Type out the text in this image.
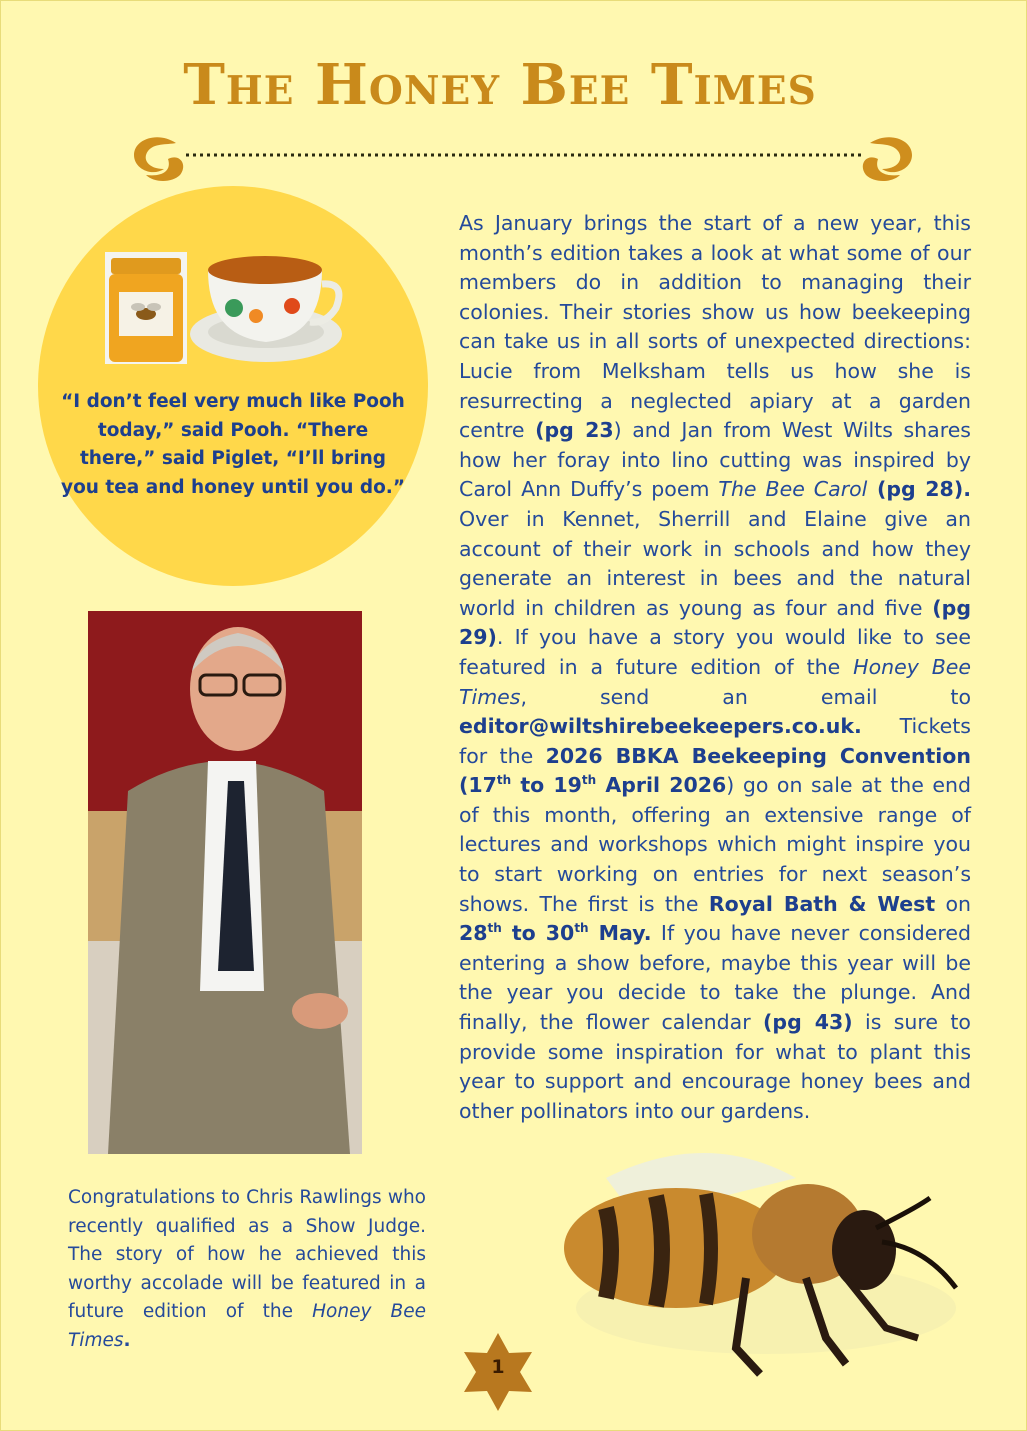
The Honey Bee Times
“I don’t feel very much like Pooh today,” said Pooh. “There there,” said Piglet, “I’ll bring you tea and honey until you do.”
Congratulations to Chris Rawlings who recently qualified as a Show Judge. The story of how he achieved this worthy accolade will be featured in a future edition of the Honey Bee Times.
As January brings the start of a new year, this month’s edition takes a look at what some of our members do in addition to managing their colonies. Their stories show us how beekeeping can take us in all sorts of unexpected directions: Lucie from Melksham tells us how she is resurrecting a neglected apiary at a garden centre (pg 23) and Jan from West Wilts shares how her foray into lino cutting was inspired by Carol Ann Duffy’s poem The Bee Carol (pg 28). Over in Kennet, Sherrill and Elaine give an account of their work in schools and how they generate an interest in bees and the natural world in children as young as four and five (pg 29). If you have a story you would like to see featured in a future edition of the Honey Bee Times, send an email to editor@wiltshirebeekeepers.co.uk. Tickets for the 2026 BBKA Beekeeping Convention (17th to 19th April 2026) go on sale at the end of this month, offering an extensive range of lectures and workshops which might inspire you to start working on entries for next season’s shows. The first is the Royal Bath & West on 28th to 30th May. If you have never considered entering a show before, maybe this year will be the year you decide to take the plunge. And finally, the flower calendar (pg 43) is sure to provide some inspiration for what to plant this year to support and encourage honey bees and other pollinators into our gardens.
1
